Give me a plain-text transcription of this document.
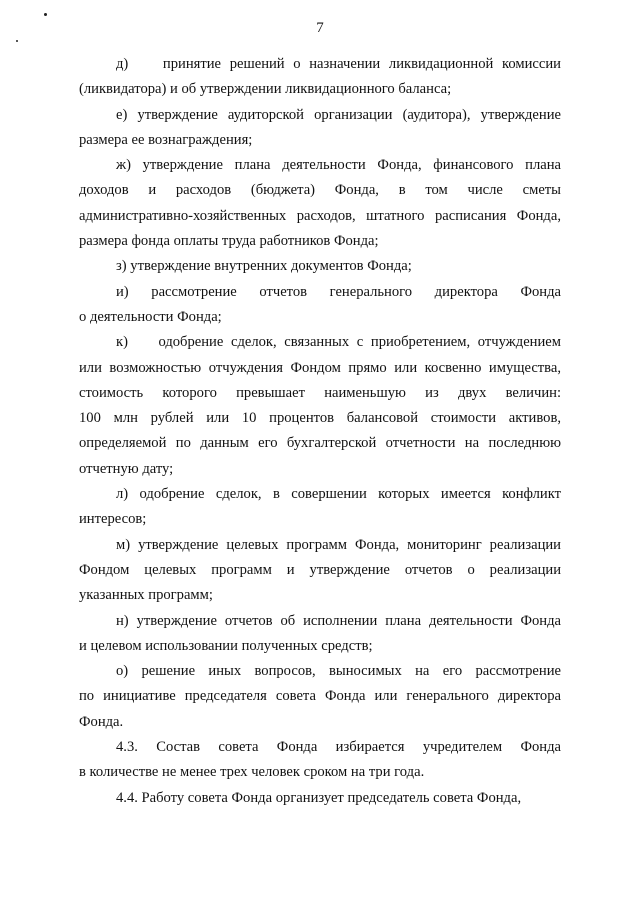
7
д)    принятие решений о назначении ликвидационной комиссии
(ликвидатора) и об утверждении ликвидационного баланса;
е) утверждение аудиторской организации (аудитора), утверждение
размера ее вознаграждения;
ж) утверждение плана деятельности Фонда, финансового плана
доходов и расходов (бюджета) Фонда, в том числе сметы
административно-хозяйственных расходов, штатного расписания Фонда,
размера фонда оплаты труда работников Фонда;
з) утверждение внутренних документов Фонда;
и) рассмотрение отчетов генерального директора Фонда
о деятельности Фонда;
к)    одобрение сделок, связанных с приобретением, отчуждением
или возможностью отчуждения Фондом прямо или косвенно имущества,
стоимость которого превышает наименьшую из двух величин:
100 млн рублей или 10 процентов балансовой стоимости активов,
определяемой по данным его бухгалтерской отчетности на последнюю
отчетную дату;
л) одобрение сделок, в совершении которых имеется конфликт
интересов;
м) утверждение целевых программ Фонда, мониторинг реализации
Фондом целевых программ и утверждение отчетов о реализации
указанных программ;
н) утверждение отчетов об исполнении плана деятельности Фонда
и целевом использовании полученных средств;
о) решение иных вопросов, выносимых на его рассмотрение
по инициативе председателя совета Фонда или генерального директора
Фонда.
4.3. Состав совета Фонда избирается учредителем Фонда
в количестве не менее трех человек сроком на три года.
4.4. Работу совета Фонда организует председатель совета Фонда,
